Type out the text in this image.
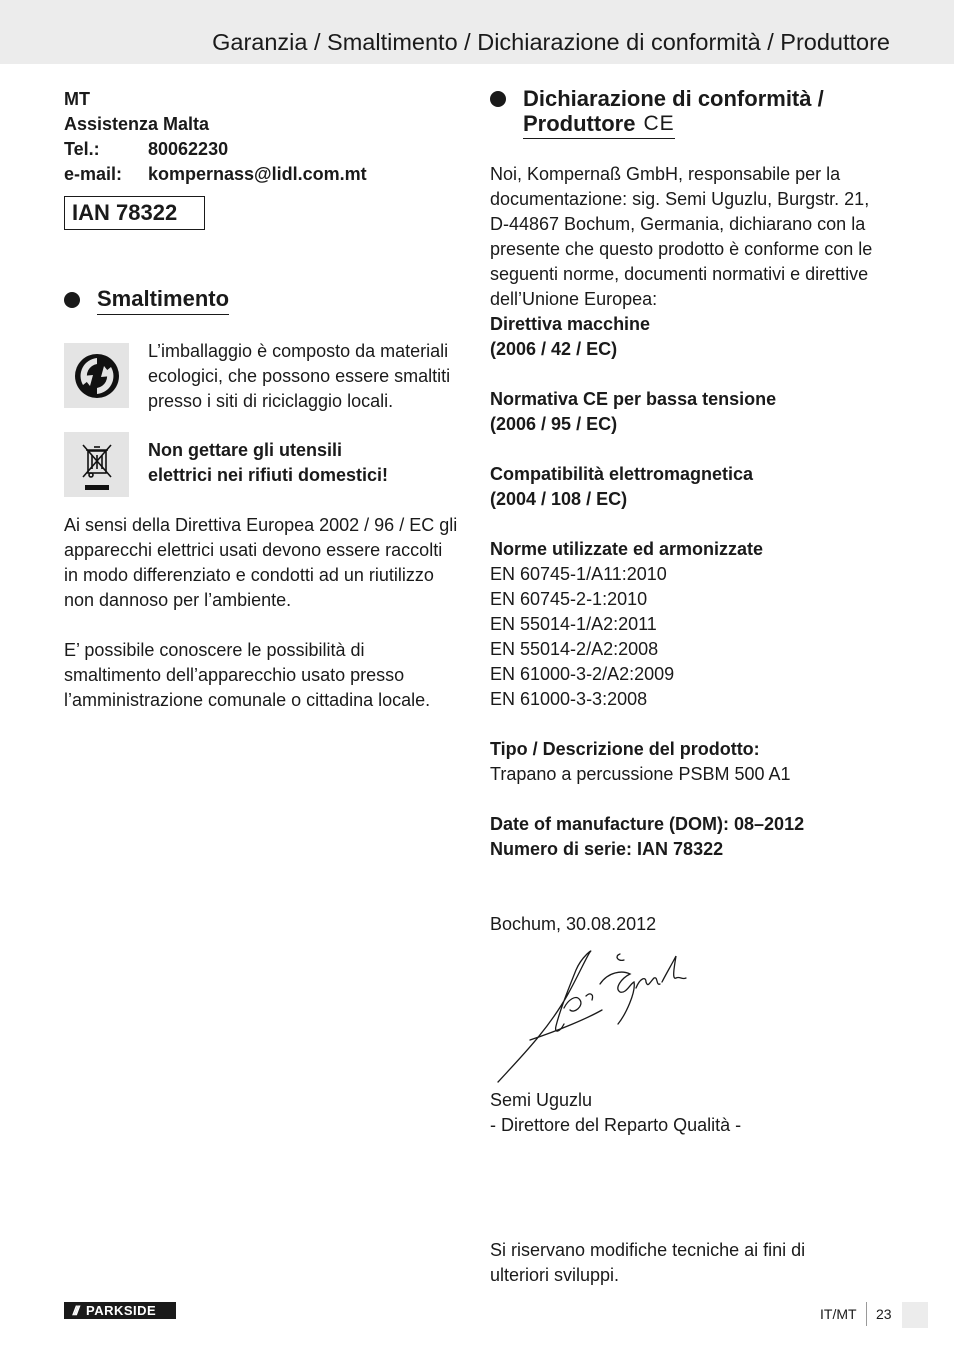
Garanzia / Smaltimento / Dichiarazione di conformità / Produttore
MT
Assistenza Malta
Tel.:	80062230
e-mail:	kompernass@lidl.com.mt
IAN 78322
Smaltimento
L’imballaggio è composto da materiali ecologici, che possono essere smaltiti presso i siti di riciclaggio locali.
Non gettare gli utensili
elettrici nei rifiuti domestici!
Ai sensi della Direttiva Europea 2002 / 96 / EC gli apparecchi elettrici usati devono essere raccolti in modo differenziato e condotti ad un riutilizzo non dannoso per l’ambiente.
E’ possibile conoscere le possibilità di smaltimento dell’apparecchio usato presso l’amministrazione comunale o cittadina locale.
Dichiarazione di conformità /
Produttore CE
Noi, Kompernaß GmbH, responsabile per la documentazione: sig. Semi Uguzlu, Burgstr. 21, D-44867 Bochum, Germania, dichiarano con la presente che questo prodotto è conforme con le seguenti norme, documenti normativi e direttive dell’Unione Europea:
Direttiva macchine
(2006 / 42 / EC)
Normativa CE per bassa tensione
(2006 / 95 / EC)
Compatibilità elettromagnetica
(2004 / 108 / EC)
Norme utilizzate ed armonizzate
EN 60745-1/A11:2010
EN 60745-2-1:2010
EN 55014-1/A2:2011
EN 55014-2/A2:2008
EN 61000-3-2/A2:2009
EN 61000-3-3:2008
Tipo / Descrizione del prodotto:
Trapano a percussione PSBM 500 A1
Date of manufacture (DOM): 08–2012
Numero di serie: IAN 78322
Bochum, 30.08.2012
Semi Uguzlu
- Direttore del Reparto Qualità -
Si riservano modifiche tecniche ai fini di
ulteriori sviluppi.
/// PARKSIDE	IT/MT 23
